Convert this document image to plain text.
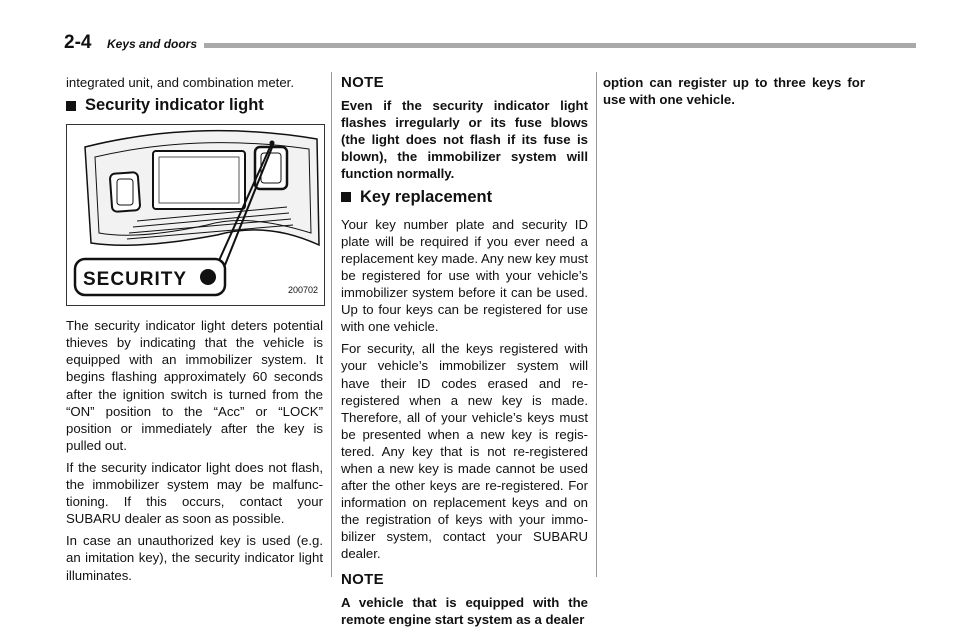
2-4 Keys and doors

integrated unit, and combination meter.

Security indicator light
SECURITY	200702

The security indicator light deters potential thieves by indicating that the vehicle is equipped with an immobilizer system. It begins flashing approximately 60 seconds after the ignition switch is turned from the “ON” position to the “Acc” or “LOCK” position or immediately after the key is pulled out.

If the security indicator light does not flash, the immobilizer system may be malfunc- tioning. If this occurs, contact your SUBARU dealer as soon as possible.

In case an unauthorized key is used (e.g. an imitation key), the security indicator light illuminates.

NOTE

Even if the security indicator light flashes irregularly or its fuse blows (the light does not flash if its fuse is blown), the immobilizer system will function normally.

Key replacement

Your key number plate and security ID plate will be required if you ever need a replacement key made. Any new key must be registered for use with your vehicle’s immobilizer system before it can be used. Up to four keys can be registered for use with one vehicle.

For security, all the keys registered with your vehicle’s immobilizer system will have their ID codes erased and re- registered when a new key is made. Therefore, all of your vehicle’s keys must be presented when a new key is regis- tered. Any key that is not re-registered when a new key is made cannot be used after the other keys are re-registered. For information on replacement keys and on the registration of keys with your immo- bilizer system, contact your SUBARU dealer.

NOTE

A vehicle that is equipped with the remote engine start system as a dealer

option can register up to three keys for use with one vehicle.
